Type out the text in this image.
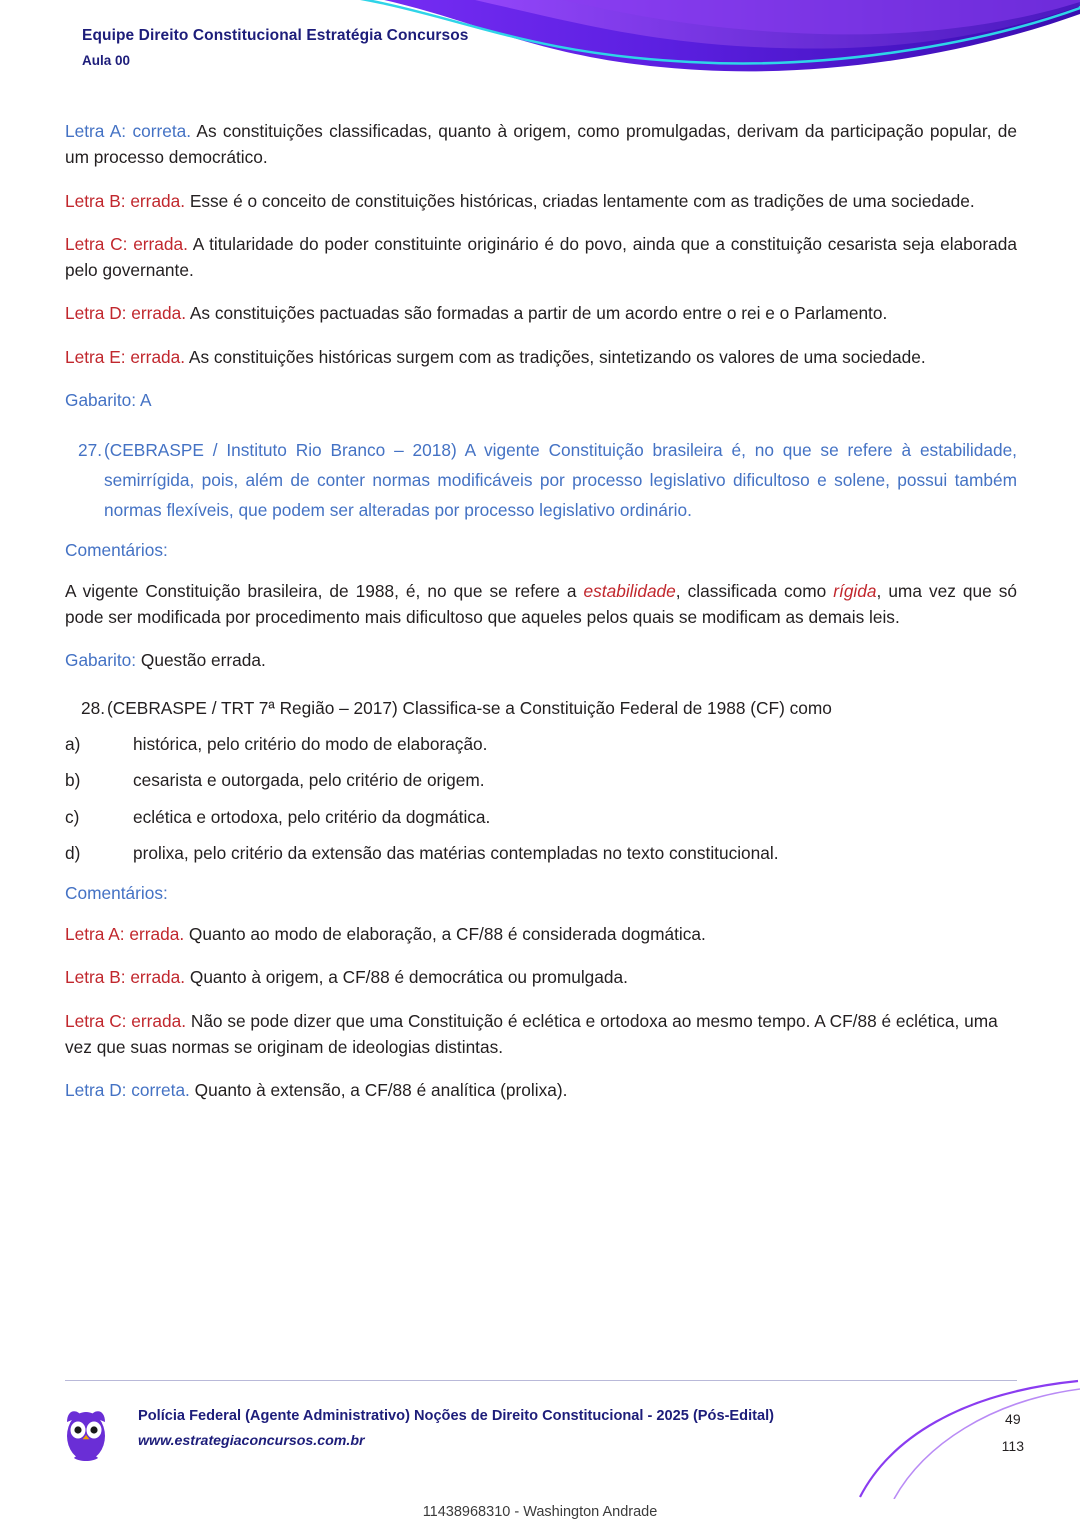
Equipe Direito Constitucional Estratégia Concursos
Aula 00

Letra A: correta. As constituições classificadas, quanto à origem, como promulgadas, derivam da participação popular, de um processo democrático.

Letra B: errada. Esse é o conceito de constituições históricas, criadas lentamente com as tradições de uma sociedade.

Letra C: errada. A titularidade do poder constituinte originário é do povo, ainda que a constituição cesarista seja elaborada pelo governante.

Letra D: errada. As constituições pactuadas são formadas a partir de um acordo entre o rei e o Parlamento.

Letra E: errada. As constituições históricas surgem com as tradições, sintetizando os valores de uma sociedade.

Gabarito: A

27. (CEBRASPE / Instituto Rio Branco – 2018) A vigente Constituição brasileira é, no que se refere à estabilidade, semirrígida, pois, além de conter normas modificáveis por processo legislativo dificultoso e solene, possui também normas flexíveis, que podem ser alteradas por processo legislativo ordinário.

Comentários:

A vigente Constituição brasileira, de 1988, é, no que se refere a estabilidade, classificada como rígida, uma vez que só pode ser modificada por procedimento mais dificultoso que aqueles pelos quais se modificam as demais leis.

Gabarito: Questão errada.

28. (CEBRASPE / TRT 7ª Região – 2017) Classifica-se a Constituição Federal de 1988 (CF) como
a)	histórica, pelo critério do modo de elaboração.
b)	cesarista e outorgada, pelo critério de origem.
c)	eclética e ortodoxa, pelo critério da dogmática.
d)	prolixa, pelo critério da extensão das matérias contempladas no texto constitucional.

Comentários:

Letra A: errada. Quanto ao modo de elaboração, a CF/88 é considerada dogmática.

Letra B: errada. Quanto à origem, a CF/88 é democrática ou promulgada.

Letra C: errada. Não se pode dizer que uma Constituição é eclética e ortodoxa ao mesmo tempo. A CF/88 é eclética, uma vez que suas normas se originam de ideologias distintas.

Letra D: correta. Quanto à extensão, a CF/88 é analítica (prolixa).

Polícia Federal (Agente Administrativo) Noções de Direito Constitucional - 2025 (Pós-Edital)
www.estrategiaconcursos.com.br
49
113
11438968310 - Washington Andrade
